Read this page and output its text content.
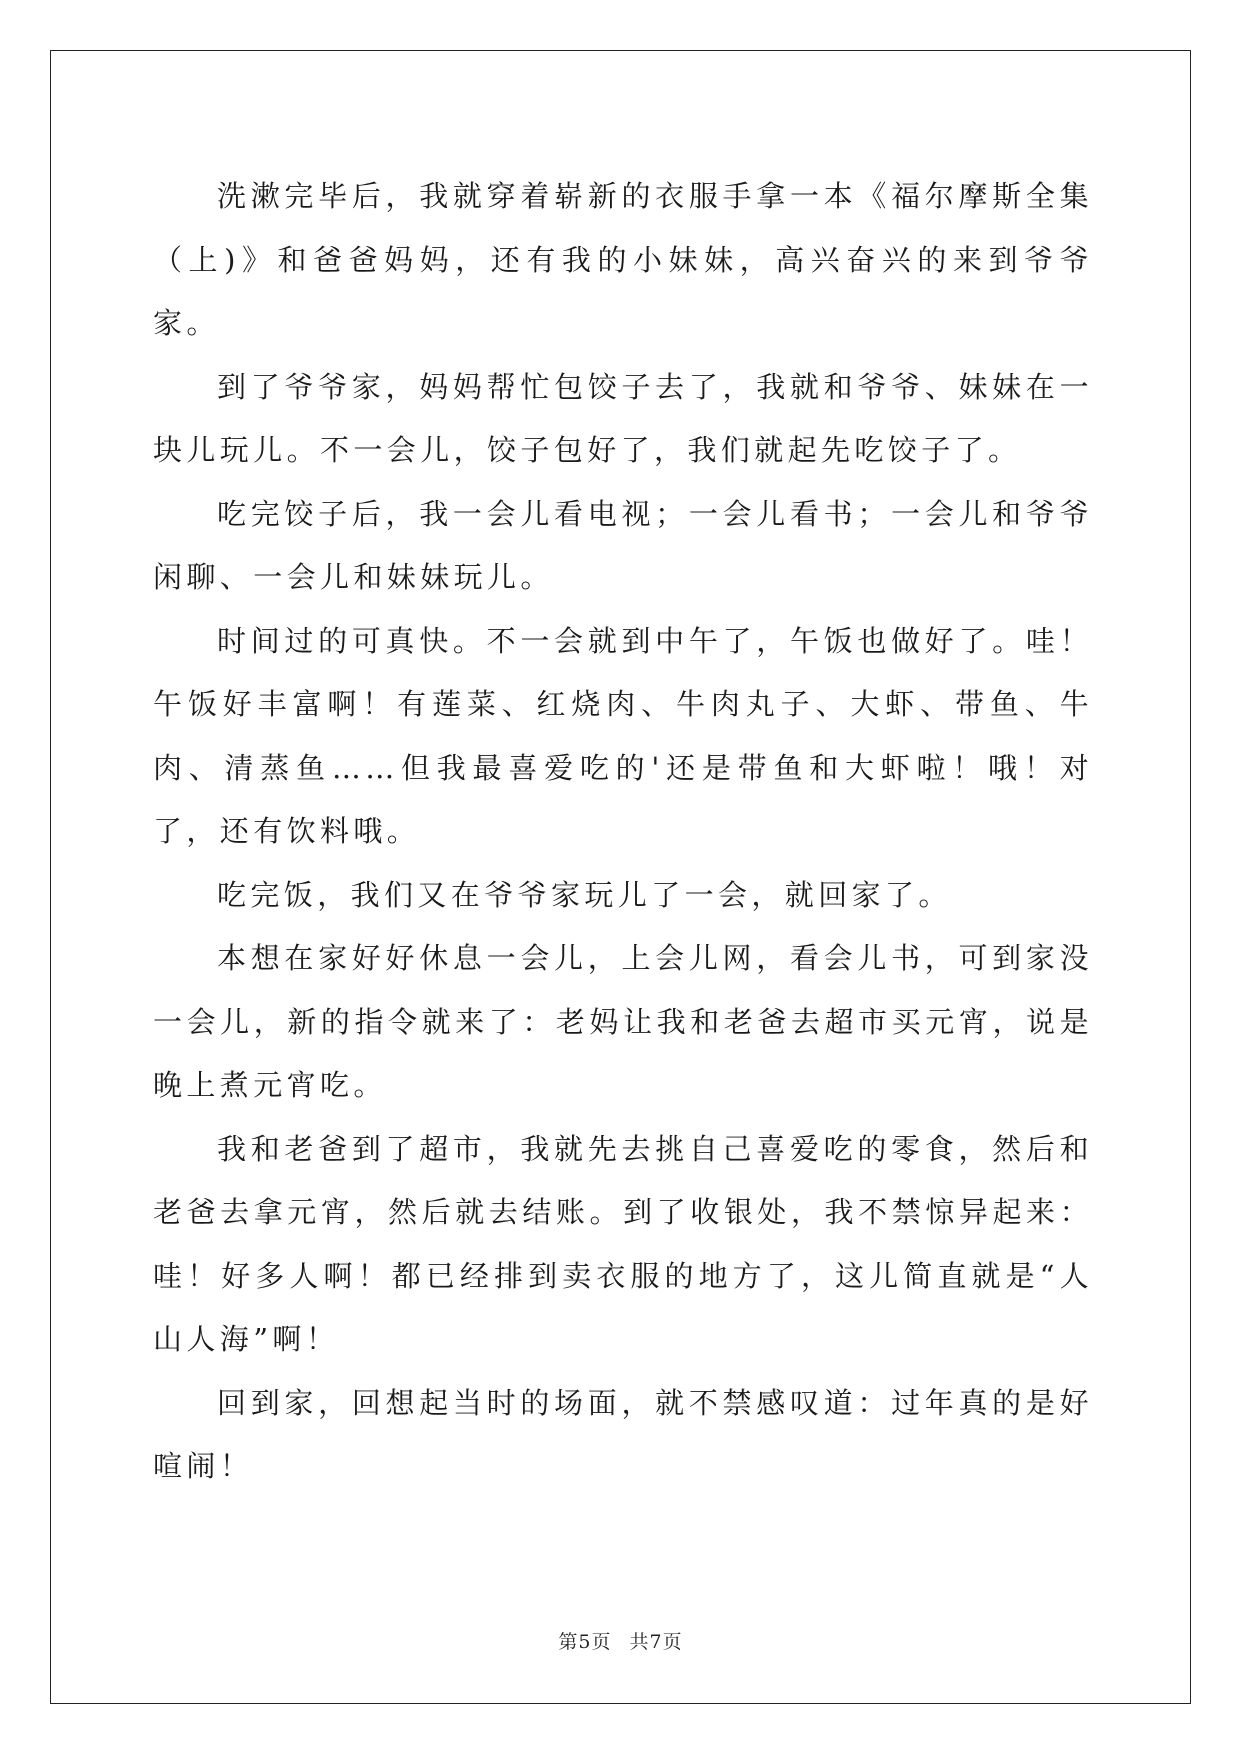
洗漱完毕后，我就穿着崭新的衣服手拿一本《福尔摩斯全集（上)》和爸爸妈妈，还有我的小妹妹，高兴奋兴的来到爷爷家。

到了爷爷家，妈妈帮忙包饺子去了，我就和爷爷、妹妹在一块儿玩儿。不一会儿，饺子包好了，我们就起先吃饺子了。

吃完饺子后，我一会儿看电视；一会儿看书；一会儿和爷爷闲聊、一会儿和妹妹玩儿。

时间过的可真快。不一会就到中午了，午饭也做好了。哇！午饭好丰富啊！有莲菜、红烧肉、牛肉丸子、大虾、带鱼、牛肉、清蒸鱼……但我最喜爱吃的'还是带鱼和大虾啦！哦！对了，还有饮料哦。

吃完饭，我们又在爷爷家玩儿了一会，就回家了。

本想在家好好休息一会儿，上会儿网，看会儿书，可到家没一会儿，新的指令就来了：老妈让我和老爸去超市买元宵，说是晚上煮元宵吃。

我和老爸到了超市，我就先去挑自己喜爱吃的零食，然后和老爸去拿元宵，然后就去结账。到了收银处，我不禁惊异起来：哇！好多人啊！都已经排到卖衣服的地方了，这儿简直就是“人山人海”啊！

回到家，回想起当时的场面，就不禁感叹道：过年真的是好喧闹！

第5页 共7页
